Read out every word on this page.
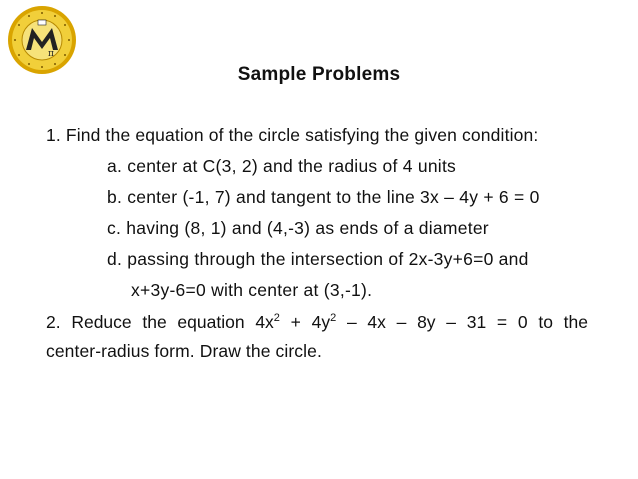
π
Sample Problems
1. Find the equation of the circle satisfying the given condition:
a. center at C(3, 2) and the radius of 4 units
b. center (-1, 7) and tangent to the line 3x – 4y + 6 = 0
c. having (8, 1) and (4,-3) as ends of a diameter
d. passing through the intersection of 2x-3y+6=0 and
x+3y-6=0 with center at (3,-1).
2. Reduce the equation $4x^2 + 4y^2 - 4x - 8y - 31 = 0$ to the
center-radius form. Draw the circle.
